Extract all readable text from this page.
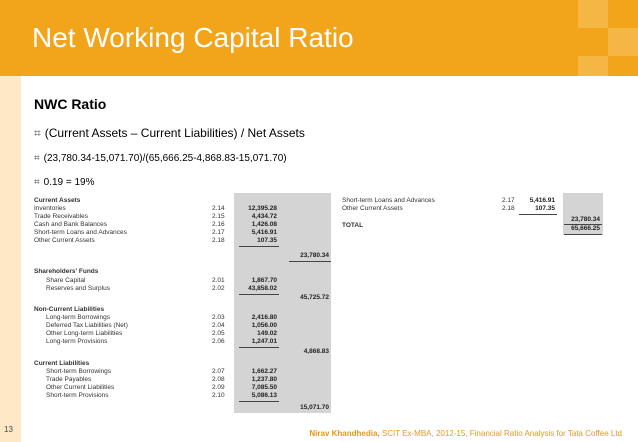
Net Working Capital Ratio
NWC Ratio
⌗ (Current Assets – Current Liabilities) / Net Assets
⌗ (23,780.34-15,071.70)/(65,666.25-4,868.83-15,071.70)
⌗ 0.19 = 19%
Current Assets
Inventories	2.14	12,395.28
Trade Receivables	2.15	4,434.72
Cash and Bank Balances	2.16	1,426.08
Short-term Loans and Advances	2.17	5,416.91
Other Current Assets	2.18	107.35
23,780.34
Shareholders' Funds
Share Capital	2.01	1,867.70
Reserves and Surplus	2.02	43,858.02
45,725.72
Non-Current Liabilities
Long-term Borrowings	2.03	2,416.80
Deferred Tax Liabilities (Net)	2.04	1,056.00
Other Long-term Liabilities	2.05	149.02
Long-term Provisions	2.06	1,247.01
4,868.83
Current Liabilities
Short-term Borrowings	2.07	1,662.27
Trade Payables	2.08	1,237.80
Other Current Liabilities	2.09	7,085.50
Short-term Provisions	2.10	5,086.13
15,071.70
Short-term Loans and Advances	2.17	5,416.91
Other Current Assets	2.18	107.35
23,780.34
TOTAL	65,666.25
13	Nirav Khandhedia, SCIT Ex-MBA, 2012-15, Financial Ratio Analysis for Tata Coffee Ltd
